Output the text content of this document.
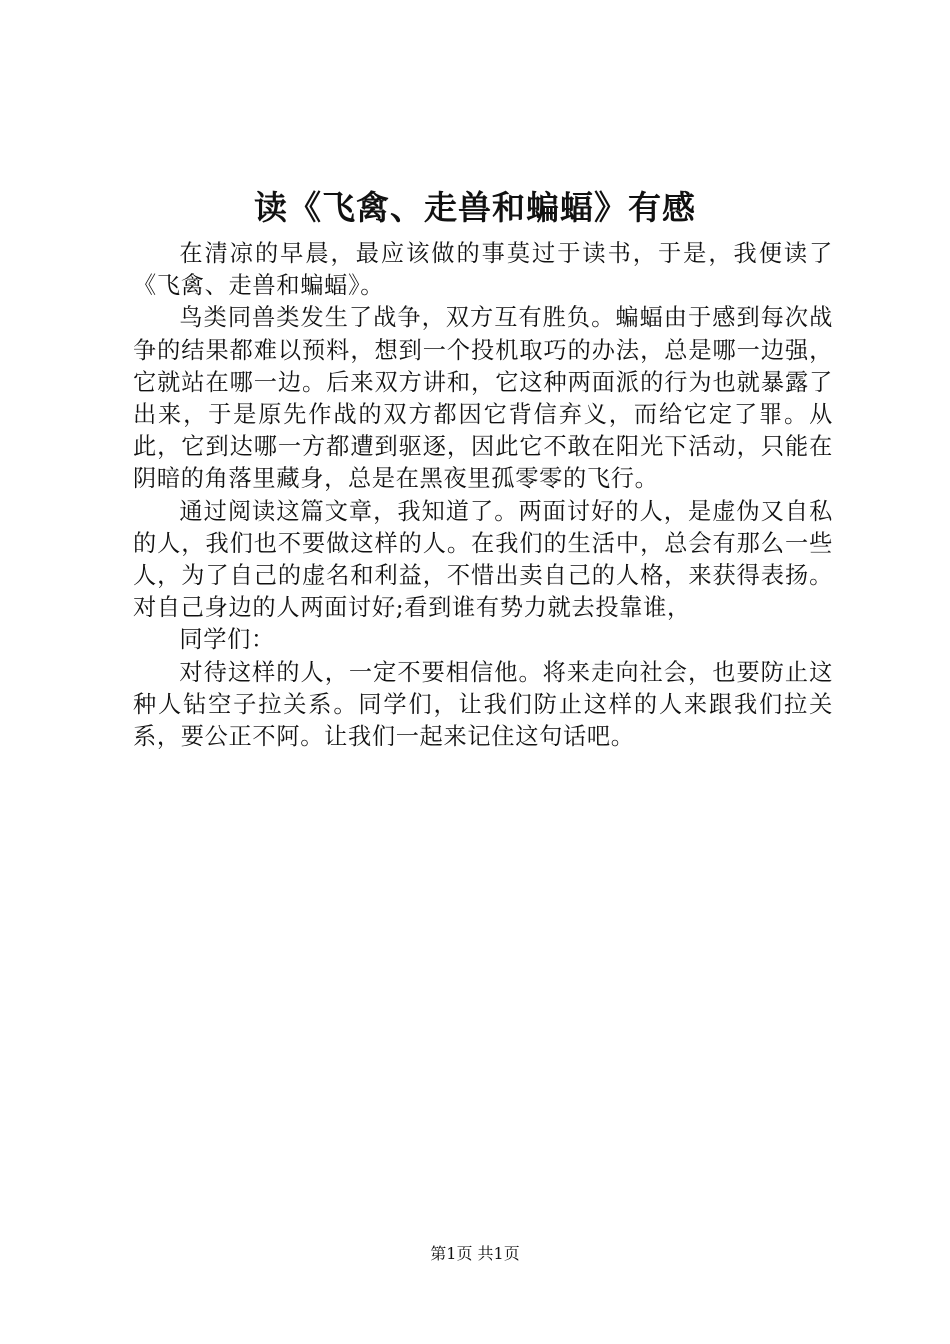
读《飞禽、走兽和蝙蝠》有感

在清凉的早晨，最应该做的事莫过于读书，于是，我便读了《飞禽、走兽和蝙蝠》。

鸟类同兽类发生了战争，双方互有胜负。蝙蝠由于感到每次战争的结果都难以预料，想到一个投机取巧的办法，总是哪一边强，它就站在哪一边。后来双方讲和，它这种两面派的行为也就暴露了出来，于是原先作战的双方都因它背信弃义，而给它定了罪。从此，它到达哪一方都遭到驱逐，因此它不敢在阳光下活动，只能在阴暗的角落里藏身，总是在黑夜里孤零零的飞行。

通过阅读这篇文章，我知道了。两面讨好的人，是虚伪又自私的人，我们也不要做这样的人。在我们的生活中，总会有那么一些人，为了自己的虚名和利益，不惜出卖自己的人格，来获得表扬。对自己身边的人两面讨好;看到谁有势力就去投靠谁，

同学们：

对待这样的人，一定不要相信他。将来走向社会，也要防止这种人钻空子拉关系。同学们，让我们防止这样的人来跟我们拉关系，要公正不阿。让我们一起来记住这句话吧。

第1页 共1页
